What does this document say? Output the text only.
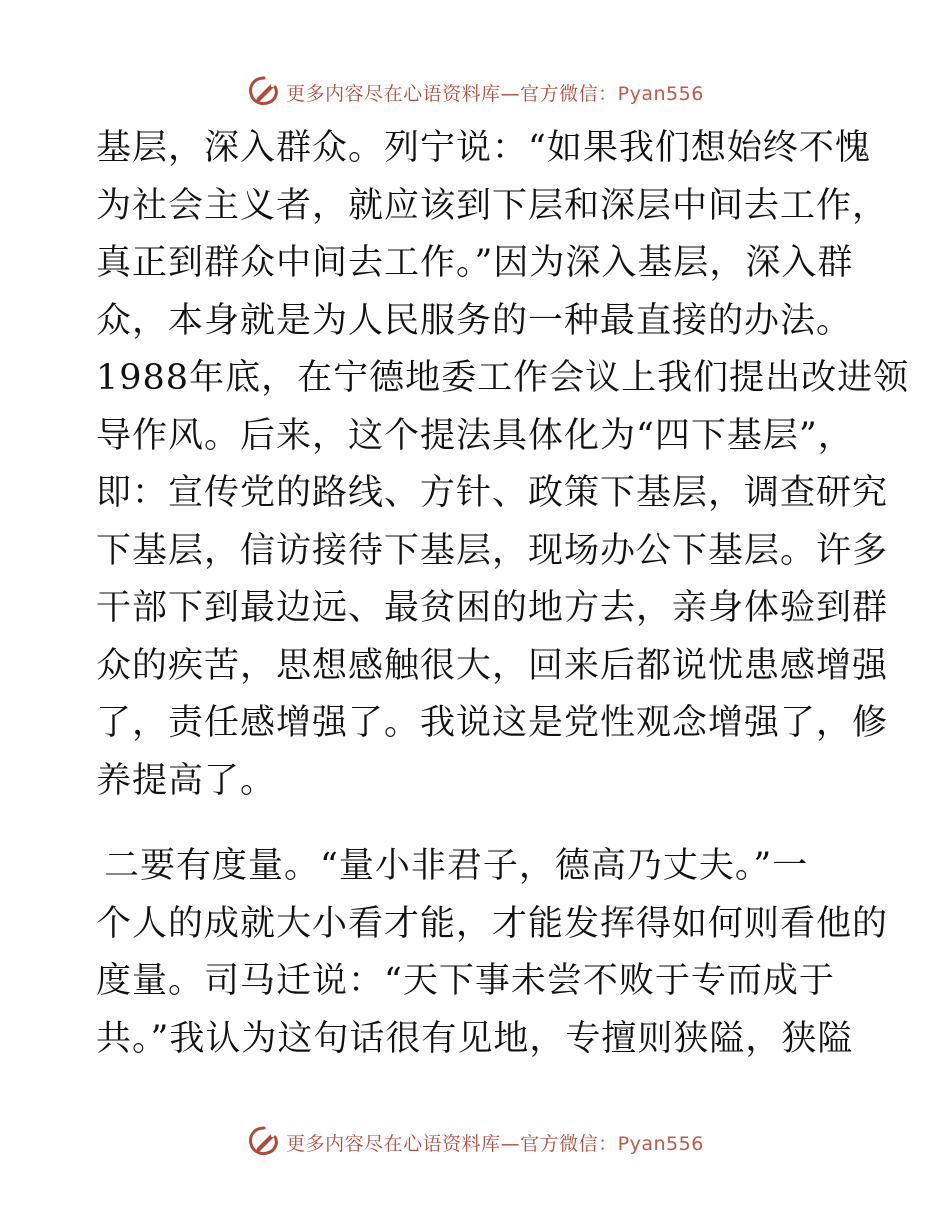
更多内容尽在心语资料库—官方微信：Pyan556
基层，深入群众。列宁说：“如果我们想始终不愧
为社会主义者，就应该到下层和深层中间去工作，
真正到群众中间去工作。”因为深入基层，深入群
众，本身就是为人民服务的一种最直接的办法。
1988年底，在宁德地委工作会议上我们提出改进领
导作风。后来，这个提法具体化为“四下基层”，
即：宣传党的路线、方针、政策下基层，调查研究
下基层，信访接待下基层，现场办公下基层。许多
干部下到最边远、最贫困的地方去，亲身体验到群
众的疾苦，思想感触很大，回来后都说忧患感增强
了，责任感增强了。我说这是党性观念增强了，修
养提高了。
二要有度量。“量小非君子，德高乃丈夫。”一
个人的成就大小看才能，才能发挥得如何则看他的
度量。司马迁说：“天下事未尝不败于专而成于
共。”我认为这句话很有见地，专擅则狭隘，狭隘
更多内容尽在心语资料库—官方微信：Pyan556
